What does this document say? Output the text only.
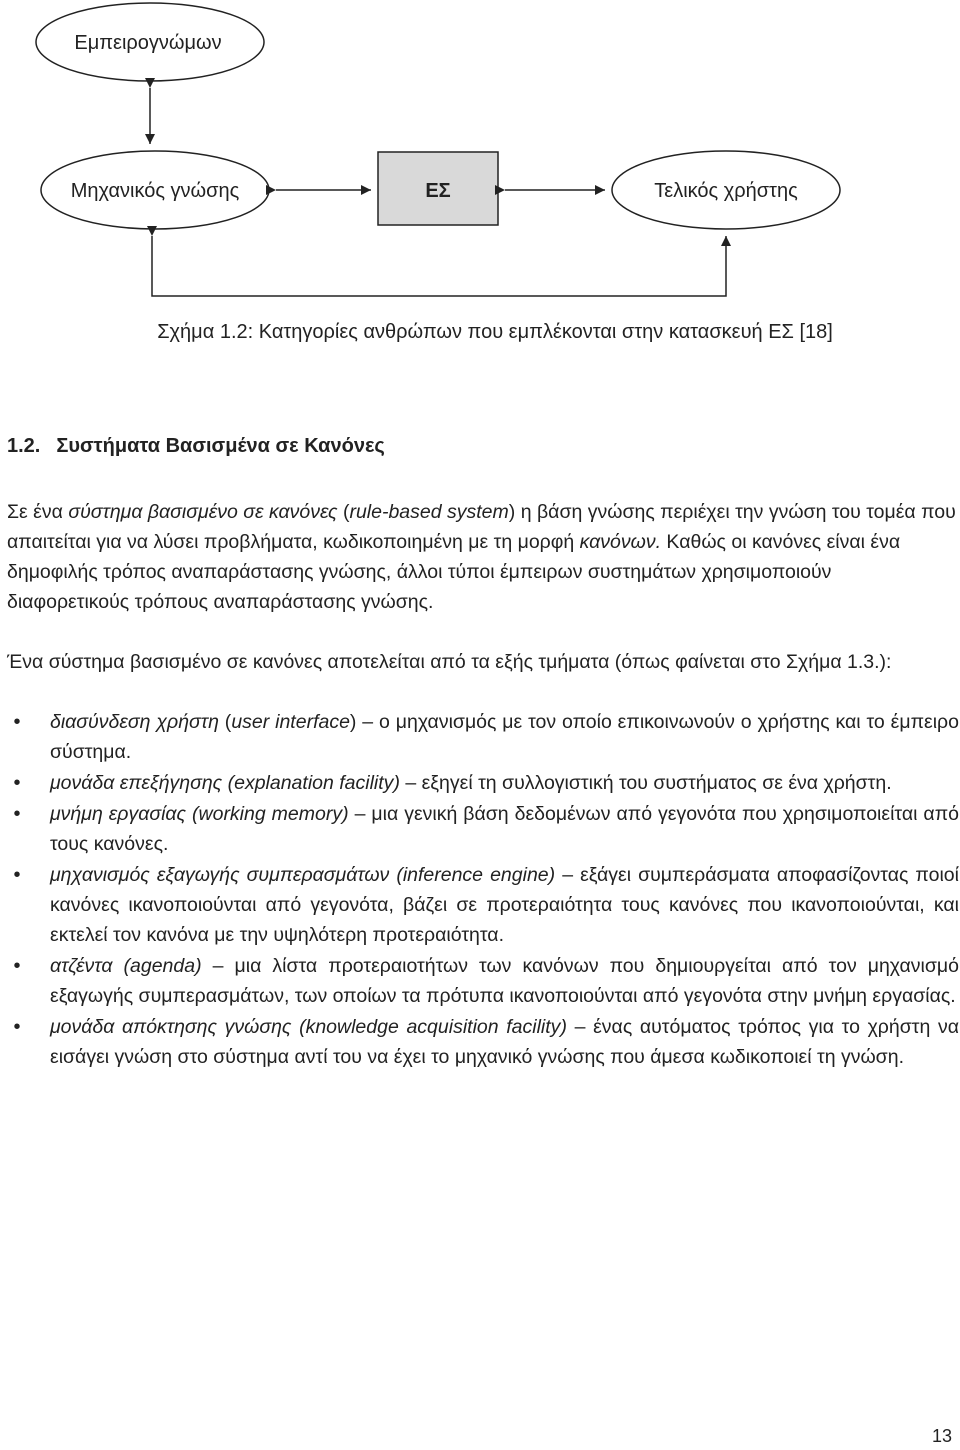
Εμπειρογνώμων
Μηχανικός γνώσης	ΕΣ	Τελικός χρήστης
Σχήμα 1.2: Κατηγορίες ανθρώπων που εμπλέκονται στην κατασκευή ΕΣ [18]
1.2. Συστήματα Βασισμένα σε Κανόνες
Σε ένα σύστημα βασισμένο σε κανόνες (rule-based system) η βάση γνώσης περιέχει την γνώση του τομέα που απαιτείται για να λύσει προβλήματα, κωδικοποιημένη με τη μορφή κανόνων. Καθώς οι κανόνες είναι ένα δημοφιλής τρόπος αναπαράστασης γνώσης, άλλοι τύποι έμπειρων συστημάτων χρησιμοποιούν διαφορετικούς τρόπους αναπαράστασης γνώσης.
Ένα σύστημα βασισμένο σε κανόνες αποτελείται από τα εξής τμήματα (όπως φαίνεται στο Σχήμα 1.3.):
•	διασύνδεση χρήστη (user interface) – ο μηχανισμός με τον οποίο επικοινωνούν ο χρήστης και το έμπειρο σύστημα.
•	μονάδα επεξήγησης (explanation facility) – εξηγεί τη συλλογιστική του συστήματος σε ένα χρήστη.
•	μνήμη εργασίας (working memory) – μια γενική βάση δεδομένων από γεγονότα που χρησιμοποιείται από τους κανόνες.
•	μηχανισμός εξαγωγής συμπερασμάτων (inference engine) – εξάγει συμπεράσματα αποφασίζοντας ποιοί κανόνες ικανοποιούνται από γεγονότα, βάζει σε προτεραιότητα τους κανόνες που ικανοποιούνται, και εκτελεί τον κανόνα με την υψηλότερη προτεραιότητα.
•	ατζέντα (agenda) – μια λίστα προτεραιοτήτων των κανόνων που δημιουργείται από τον μηχανισμό εξαγωγής συμπερασμάτων, των οποίων τα πρότυπα ικανοποιούνται από γεγονότα στην μνήμη εργασίας.
•	μονάδα απόκτησης γνώσης (knowledge acquisition facility) – ένας αυτόματος τρόπος για το χρήστη να εισάγει γνώση στο σύστημα αντί του να έχει το μηχανικό γνώσης που άμεσα κωδικοποιεί τη γνώση.
13
